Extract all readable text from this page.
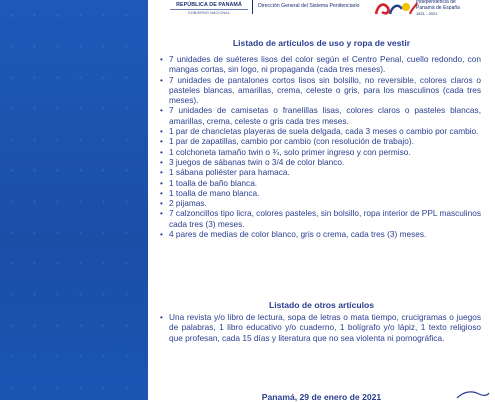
REPÚBLICA DE PANAMÁ
GOBIERNO NACIONAL
Dirección General del Sistema Penitenciario
Independencia de
Panamá de España
1821 - 2021
Listado de artículos de uso y ropa de vestir
• 7 unidades de suéteres lisos del color según el Centro Penal, cuello redondo, con mangas cortas, sin logo, ni propaganda (cada tres meses).
• 7 unidades de pantalones cortos lisos sin bolsillo, no reversible, colores claros o pasteles blancas, amarillas, crema, celeste o gris, para los masculinos (cada tres meses).
• 7 unidades de camisetas o franelillas lisas, colores claros o pasteles blancas, amarillas, crema, celeste o gris cada tres meses.
• 1 par de chancletas playeras de suela delgada, cada 3 meses o cambio por cambio.
• 1 par de zapatillas, cambio por cambio (con resolución de trabajo).
• 1 colchoneta tamaño twin o ¾, solo primer ingreso y con permiso.
• 3 juegos de sábanas twin o 3/4 de color blanco.
• 1 sábana poliéster para hamaca.
• 1 toalla de baño blanca.
• 1 toalla de mano blanca.
• 2 pijamas.
• 7 calzoncillos tipo licra, colores pasteles, sin bolsillo, ropa interior de PPL masculinos cada tres (3) meses.
• 4 pares de medias de color blanco, gris o crema, cada tres (3) meses.
Listado de otros artículos
• Una revista y/o libro de lectura, sopa de letras o mata tiempo, crucigramas o juegos de palabras, 1 libro educativo y/o cuaderno, 1 bolígrafo y/o lápiz, 1 texto religioso que profesan, cada 15 días y literatura que no sea violenta ni pornográfica.
Panamá, 29 de enero de 2021
